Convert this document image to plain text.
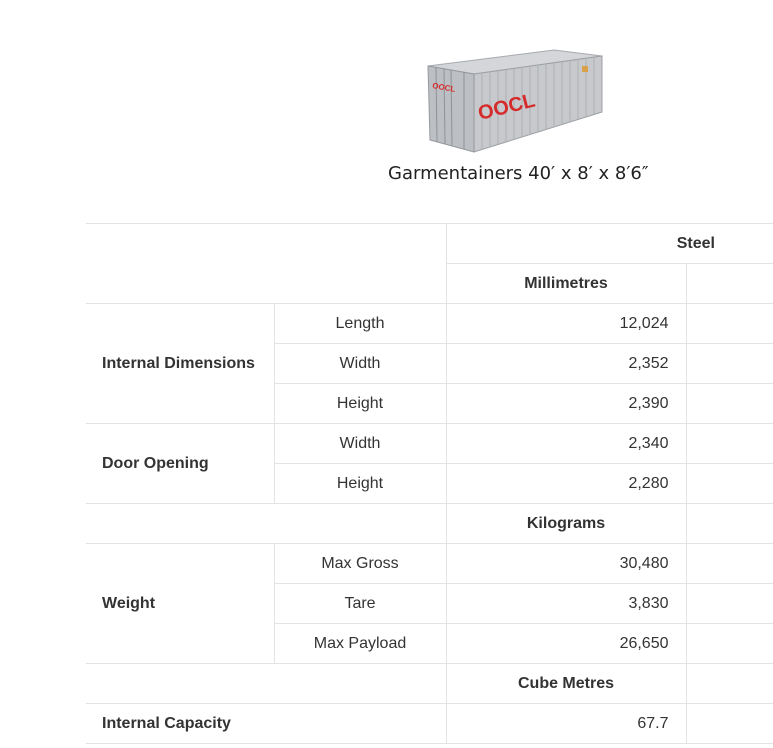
OOCL
OOCL
Garmentainers 40′ x 8′ x 8′6″
		Steel	
		Millimetres	
Internal Dimensions	Length	12,024	
	Width	2,352	
	Height	2,390	
Door Opening	Width	2,340	
	Height	2,280	
		Kilograms	
Weight	Max Gross	30,480	
	Tare	3,830	
	Max Payload	26,650	
		Cube Metres	
Internal Capacity		67.7	
